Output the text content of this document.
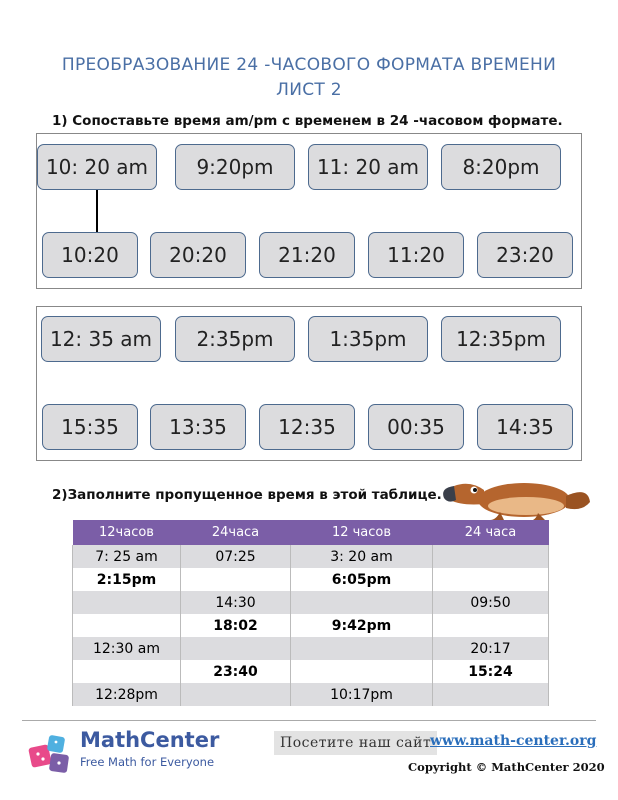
ПРЕОБРАЗОВАНИЕ 24 -ЧАСОВОГО ФОРМАТА ВРЕМЕНИ
ЛИСТ 2
1) Сопоставьте время am/pm с временем в 24 -часовом формате.
10: 20 am	9:20pm	11: 20 am	8:20pm
10:20	20:20	21:20	11:20	23:20
12: 35 am	2:35pm	1:35pm	12:35pm
15:35	13:35	12:35	00:35	14:35
2)Заполните пропущенное время в этой таблице.
12часов	24часа	12 часов	24 часа
7: 25 am	07:25	3: 20 am	
2:15pm		6:05pm	
	14:30		09:50
	18:02	9:42pm	
12:30 am			20:17
	23:40		15:24
12:28pm		10:17pm	
MathCenter
Free Math for Everyone
Посетите наш сайт
www.math-center.org
Copyright © MathCenter 2020
